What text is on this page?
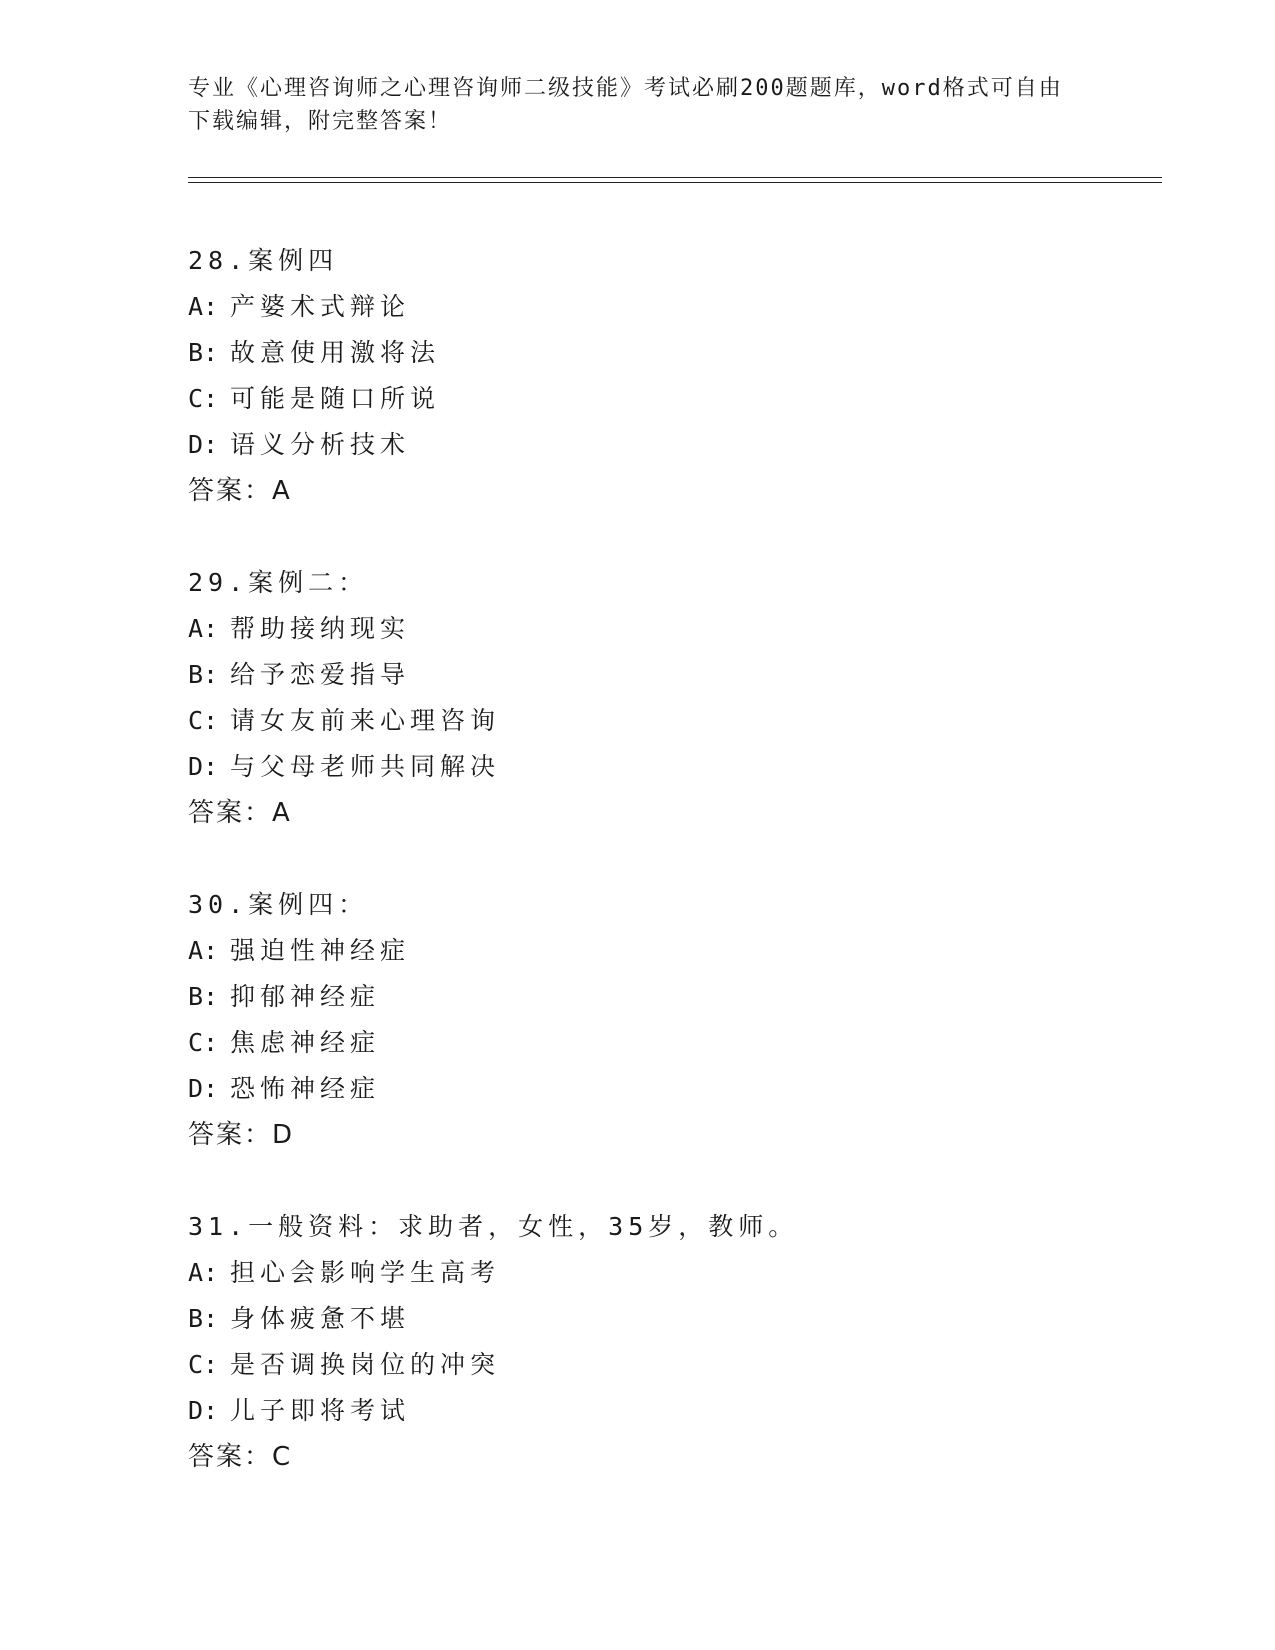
专业《心理咨询师之心理咨询师二级技能》考试必刷200题题库，word格式可自由下载编辑，附完整答案！
28.案例四
A: 产婆术式辩论
B: 故意使用激将法
C: 可能是随口所说
D: 语义分析技术
答案：A
29.案例二：
A: 帮助接纳现实
B: 给予恋爱指导
C: 请女友前来心理咨询
D: 与父母老师共同解决
答案：A
30.案例四：
A: 强迫性神经症
B: 抑郁神经症
C: 焦虑神经症
D: 恐怖神经症
答案：D
31.一般资料：求助者，女性，35岁，教师。
A: 担心会影响学生高考
B: 身体疲惫不堪
C: 是否调换岗位的冲突
D: 儿子即将考试
答案：C
